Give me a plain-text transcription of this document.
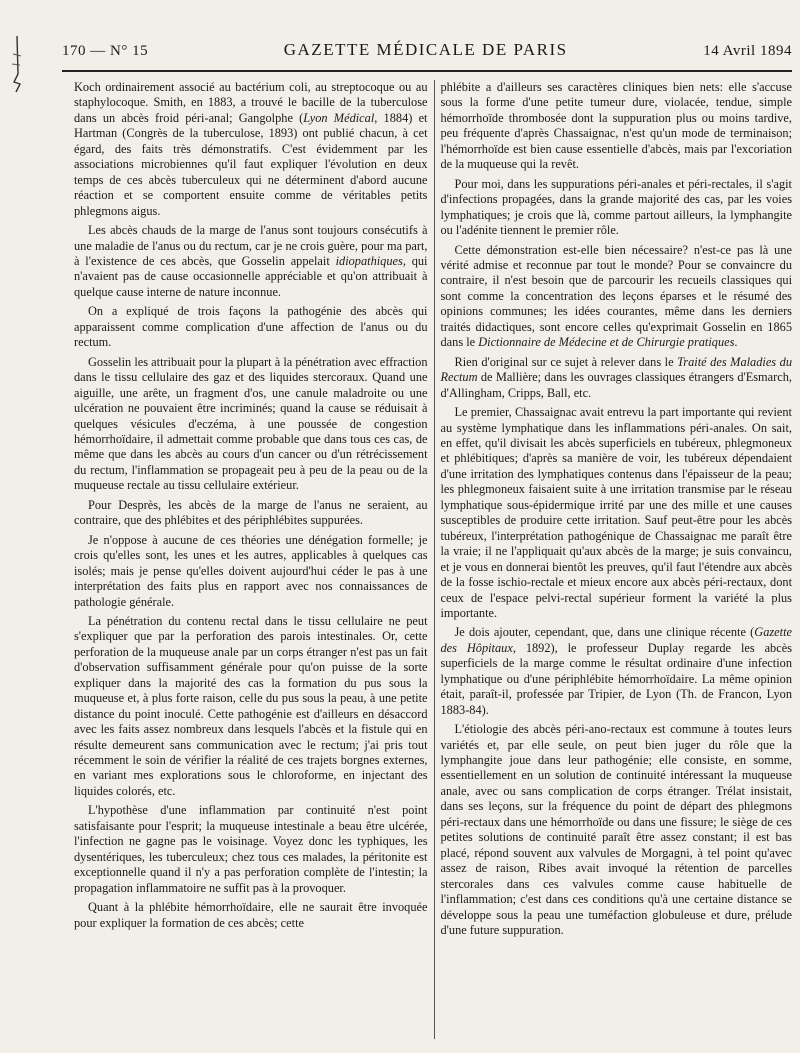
170 — N° 15	GAZETTE MÉDICALE DE PARIS	14 Avril 1894

Koch ordinairement associé au bactérium coli, au streptocoque ou au staphylocoque. Smith, en 1883, a trouvé le bacille de la tuberculose dans un abcès froid péri-anal; Gangolphe (Lyon Médical, 1884) et Hartman (Congrès de la tuberculose, 1893) ont publié chacun, à cet égard, des faits très démonstratifs. C'est évidemment par les associations microbiennes qu'il faut expliquer l'évolution en deux temps de ces abcès tuberculeux qui ne déterminent d'abord aucune réaction et se comportent ensuite comme de véritables petits phlegmons aigus.

Les abcès chauds de la marge de l'anus sont toujours consécutifs à une maladie de l'anus ou du rectum, car je ne crois guère, pour ma part, à l'existence de ces abcès, que Gosselin appelait idiopathiques, qui n'avaient pas de cause occasionnelle appréciable et qu'on attribuait à quelque cause interne de nature inconnue.

On a expliqué de trois façons la pathogénie des abcès qui apparaissent comme complication d'une affection de l'anus ou du rectum.

Gosselin les attribuait pour la plupart à la pénétration avec effraction dans le tissu cellulaire des gaz et des liquides stercoraux. Quand une aiguille, une arête, un fragment d'os, une canule maladroite ou une ulcération ne pouvaient être incriminés; quand la cause se réduisait à quelques vésicules d'eczéma, à une poussée de congestion hémorrhoïdaire, il admettait comme probable que dans tous ces cas, de même que dans les abcès au cours d'un cancer ou d'un rétrécissement du rectum, l'inflammation se propageait peu à peu de la peau ou de la muqueuse rectale au tissu cellulaire extérieur.

Pour Desprès, les abcès de la marge de l'anus ne seraient, au contraire, que des phlébites et des périphlébites suppurées.

Je n'oppose à aucune de ces théories une dénégation formelle; je crois qu'elles sont, les unes et les autres, applicables à quelques cas isolés; mais je pense qu'elles doivent aujourd'hui céder le pas à une interprétation des faits plus en rapport avec nos connaissances de pathologie générale.

La pénétration du contenu rectal dans le tissu cellulaire ne peut s'expliquer que par la perforation des parois intestinales. Or, cette perforation de la muqueuse anale par un corps étranger n'est pas un fait d'observation suffisamment générale pour qu'on puisse de la sorte expliquer dans la majorité des cas la formation du pus sous la muqueuse et, à plus forte raison, celle du pus sous la peau, à une petite distance du point inoculé. Cette pathogénie est d'ailleurs en désaccord avec les faits assez nombreux dans lesquels l'abcès et la fistule qui en résulte demeurent sans communication avec le rectum; j'ai pris tout récemment le soin de vérifier la réalité de ces trajets borgnes externes, en variant mes explorations sous le chloroforme, en injectant des liquides colorés, etc.

L'hypothèse d'une inflammation par continuité n'est point satisfaisante pour l'esprit; la muqueuse intestinale a beau être ulcérée, l'infection ne gagne pas le voisinage. Voyez donc les typhiques, les dysentériques, les tuberculeux; chez tous ces malades, la péritonite est exceptionnelle quand il n'y a pas perforation complète de l'intestin; la propagation inflammatoire ne suffit pas à la provoquer.

Quant à la phlébite hémorrhoïdaire, elle ne saurait être invoquée pour expliquer la formation de ces abcès; cette

phlébite a d'ailleurs ses caractères cliniques bien nets: elle s'accuse sous la forme d'une petite tumeur dure, violacée, tendue, simple hémorrhoïde thrombosée dont la suppuration plus ou moins tardive, peu fréquente d'après Chassaignac, n'est qu'un mode de terminaison; l'hémorrhoïde est bien cause essentielle d'abcès, mais par l'excoriation de la muqueuse qui la revêt.

Pour moi, dans les suppurations péri-anales et péri-rectales, il s'agit d'infections propagées, dans la grande majorité des cas, par les voies lymphatiques; je crois que là, comme partout ailleurs, la lymphangite ou l'adénite tiennent le premier rôle.

Cette démonstration est-elle bien nécessaire? n'est-ce pas là une vérité admise et reconnue par tout le monde? Pour se convaincre du contraire, il n'est besoin que de parcourir les recueils classiques qui sont comme la concentration des leçons éparses et le résumé des opinions communes; les idées courantes, même dans les derniers traités didactiques, sont encore celles qu'exprimait Gosselin en 1865 dans le Dictionnaire de Médecine et de Chirurgie pratiques.

Rien d'original sur ce sujet à relever dans le Traité des Maladies du Rectum de Mallière; dans les ouvrages classiques étrangers d'Esmarch, d'Allingham, Cripps, Ball, etc.

Le premier, Chassaignac avait entrevu la part importante qui revient au système lymphatique dans les inflammations péri-anales. On sait, en effet, qu'il divisait les abcès superficiels en tubéreux, phlegmoneux et phlébitiques; d'après sa manière de voir, les tubéreux dépendaient d'une irritation des lymphatiques contenus dans l'épaisseur de la peau; les phlegmoneux faisaient suite à une irritation transmise par le réseau lymphatique sous-épidermique irrité par une des mille et une causes susceptibles de produire cette irritation. Sauf peut-être pour les abcès tubéreux, l'interprétation pathogénique de Chassaignac me paraît être la vraie; il ne l'appliquait qu'aux abcès de la marge; je suis convaincu, et je vous en donnerai bientôt les preuves, qu'il faut l'étendre aux abcès de la fosse ischio-rectale et mieux encore aux abcès péri-rectaux, dont ceux de l'espace pelvi-rectal supérieur forment la variété la plus importante.

Je dois ajouter, cependant, que, dans une clinique récente (Gazette des Hôpitaux, 1892), le professeur Duplay regarde les abcès superficiels de la marge comme le résultat ordinaire d'une infection lymphatique ou d'une périphlébite hémorrhoïdaire. La même opinion était, paraît-il, professée par Tripier, de Lyon (Th. de Francon, Lyon 1883-84).

L'étiologie des abcès péri-ano-rectaux est commune à toutes leurs variétés et, par elle seule, on peut bien juger du rôle que la lymphangite joue dans leur pathogénie; elle consiste, en somme, essentiellement en un solution de continuité intéressant la muqueuse anale, avec ou sans complication de corps étranger. Trélat insistait, dans ses leçons, sur la fréquence du point de départ des phlegmons péri-rectaux dans une hémorrhoïde ou dans une fissure; le siège de ces petites solutions de continuité paraît être assez constant; il est bas placé, répond souvent aux valvules de Morgagni, à tel point qu'avec assez de raison, Ribes avait invoqué la rétention de parcelles stercorales dans ces valvules comme cause habituelle de l'inflammation; c'est dans ces conditions qu'à une certaine distance se développe sous la peau une tuméfaction globuleuse et dure, prélude d'une future suppuration.
